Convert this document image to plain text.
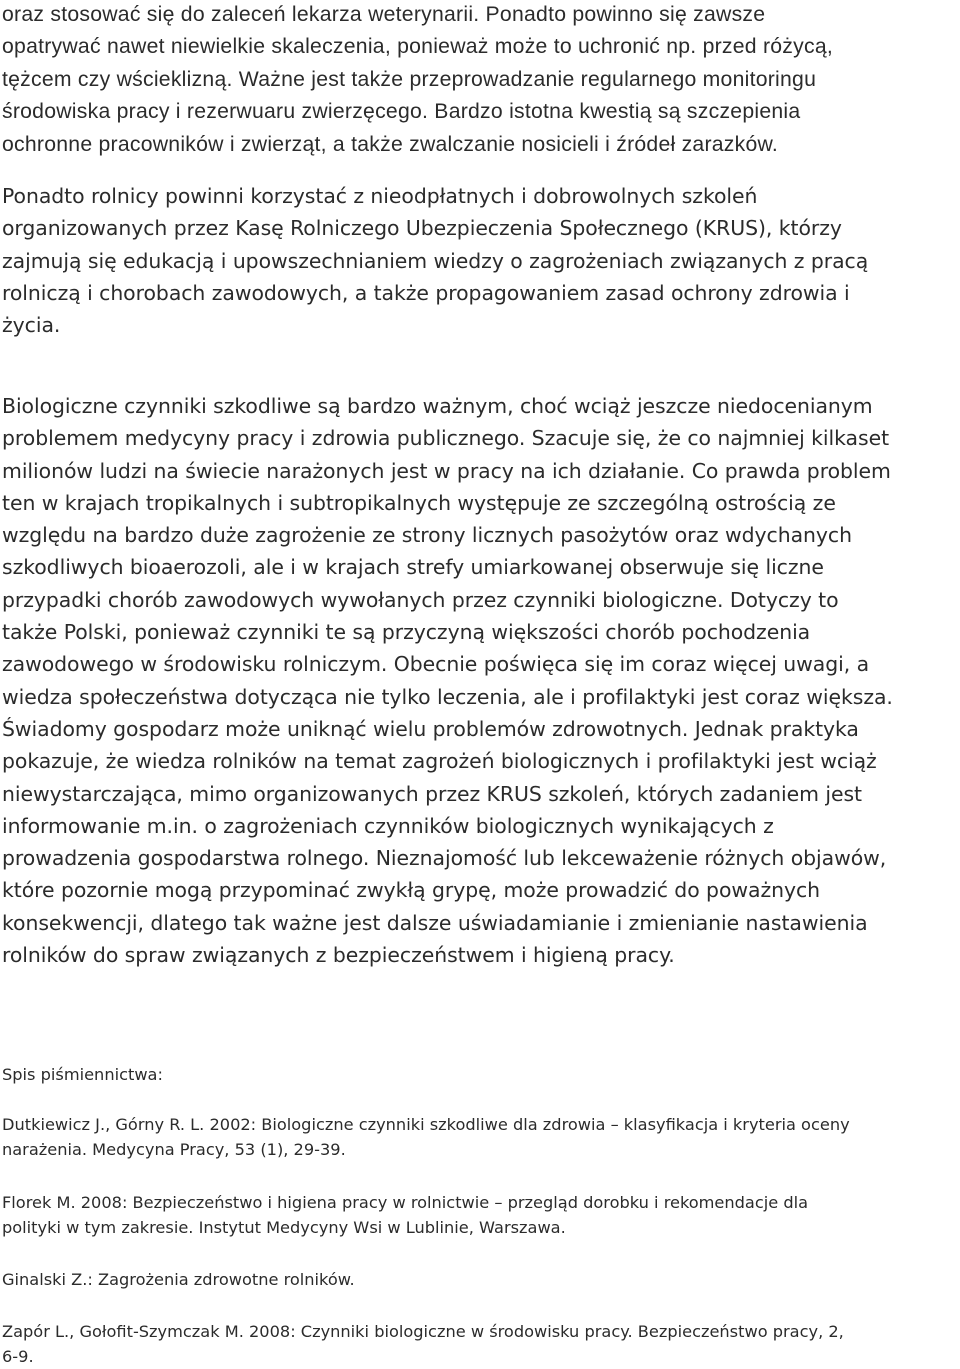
oraz stosować się do zaleceń lekarza weterynarii. Ponadto powinno się zawsze
opatrywać nawet niewielkie skaleczenia, ponieważ może to uchronić np. przed różycą,
tężcem czy wścieklizną. Ważne jest także przeprowadzanie regularnego monitoringu
środowiska pracy i rezerwuaru zwierzęcego. Bardzo istotna kwestią są szczepienia
ochronne pracowników i zwierząt, a także zwalczanie nosicieli i źródeł zarazków.

Ponadto rolnicy powinni korzystać z nieodpłatnych i dobrowolnych szkoleń
organizowanych przez Kasę Rolniczego Ubezpieczenia Społecznego (KRUS), którzy
zajmują się edukacją i upowszechnianiem wiedzy o zagrożeniach związanych z pracą
rolniczą i chorobach zawodowych, a także propagowaniem zasad ochrony zdrowia i
życia.

Biologiczne czynniki szkodliwe są bardzo ważnym, choć wciąż jeszcze niedocenianym
problemem medycyny pracy i zdrowia publicznego. Szacuje się, że co najmniej kilkaset
milionów ludzi na świecie narażonych jest w pracy na ich działanie. Co prawda problem
ten w krajach tropikalnych i subtropikalnych występuje ze szczególną ostrością ze
względu na bardzo duże zagrożenie ze strony licznych pasożytów oraz wdychanych
szkodliwych bioaerozoli, ale i w krajach strefy umiarkowanej obserwuje się liczne
przypadki chorób zawodowych wywołanych przez czynniki biologiczne. Dotyczy to
także Polski, ponieważ czynniki te są przyczyną większości chorób pochodzenia
zawodowego w środowisku rolniczym. Obecnie poświęca się im coraz więcej uwagi, a
wiedza społeczeństwa dotycząca nie tylko leczenia, ale i profilaktyki jest coraz większa.
Świadomy gospodarz może uniknąć wielu problemów zdrowotnych. Jednak praktyka
pokazuje, że wiedza rolników na temat zagrożeń biologicznych i profilaktyki jest wciąż
niewystarczająca, mimo organizowanych przez KRUS szkoleń, których zadaniem jest
informowanie m.in. o zagrożeniach czynników biologicznych wynikających z
prowadzenia gospodarstwa rolnego. Nieznajomość lub lekceważenie różnych objawów,
które pozornie mogą przypominać zwykłą grypę, może prowadzić do poważnych
konsekwencji, dlatego tak ważne jest dalsze uświadamianie i zmienianie nastawienia
rolników do spraw związanych z bezpieczeństwem i higieną pracy.

Spis piśmiennictwa:

Dutkiewicz J., Górny R. L. 2002: Biologiczne czynniki szkodliwe dla zdrowia – klasyfikacja i kryteria oceny
narażenia. Medycyna Pracy, 53 (1), 29-39.

Florek M. 2008: Bezpieczeństwo i higiena pracy w rolnictwie – przegląd dorobku i rekomendacje dla
polityki w tym zakresie. Instytut Medycyny Wsi w Lublinie, Warszawa.

Ginalski Z.: Zagrożenia zdrowotne rolników.

Zapór L., Gołofit-Szymczak M. 2008: Czynniki biologiczne w środowisku pracy. Bezpieczeństwo pracy, 2,
6-9.
